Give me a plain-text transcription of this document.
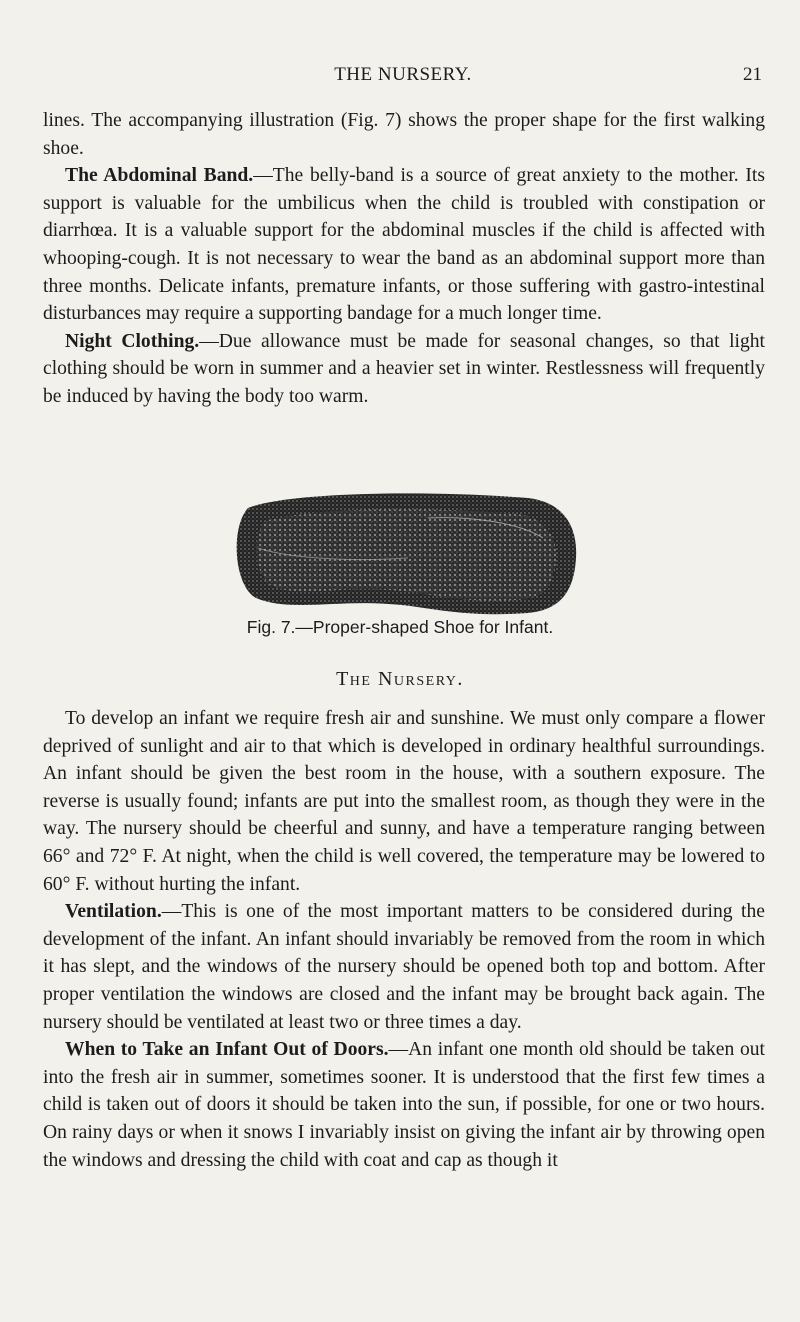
THE NURSERY.	21

lines. The accompanying illustration (Fig. 7) shows the proper shape for the first walking shoe.

The Abdominal Band.—The belly-band is a source of great anxiety to the mother. Its support is valuable for the umbilicus when the child is troubled with constipation or diarrhœa. It is a valuable support for the abdominal muscles if the child is affected with whooping-cough. It is not necessary to wear the band as an abdominal support more than three months. Delicate infants, premature infants, or those suffering with gastro-intestinal disturbances may require a supporting bandage for a much longer time.

Night Clothing.—Due allowance must be made for seasonal changes, so that light clothing should be worn in summer and a heavier set in winter. Restlessness will frequently be induced by having the body too warm.

Fig. 7.—Proper-shaped Shoe for Infant.
The Nursery.

To develop an infant we require fresh air and sunshine. We must only compare a flower deprived of sunlight and air to that which is developed in ordinary healthful surroundings. An infant should be given the best room in the house, with a southern exposure. The reverse is usually found; infants are put into the smallest room, as though they were in the way. The nursery should be cheerful and sunny, and have a temperature ranging between 66° and 72° F. At night, when the child is well covered, the temperature may be lowered to 60° F. without hurting the infant.

Ventilation.—This is one of the most important matters to be considered during the development of the infant. An infant should invariably be removed from the room in which it has slept, and the windows of the nursery should be opened both top and bottom. After proper ventilation the windows are closed and the infant may be brought back again. The nursery should be ventilated at least two or three times a day.

When to Take an Infant Out of Doors.—An infant one month old should be taken out into the fresh air in summer, sometimes sooner. It is understood that the first few times a child is taken out of doors it should be taken into the sun, if possible, for one or two hours. On rainy days or when it snows I invariably insist on giving the infant air by throwing open the windows and dressing the child with coat and cap as though it
